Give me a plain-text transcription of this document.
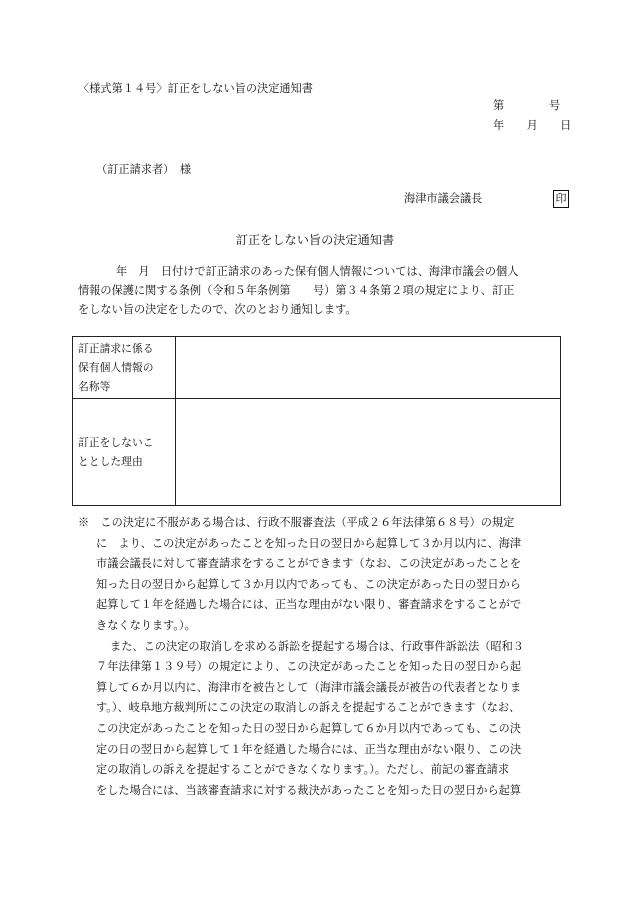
〈様式第１４号〉訂正をしない旨の決定通知書
第　　　　号
年　　月　　日
（訂正請求者）　様
海津市議会議長	印
訂正をしない旨の決定通知書
年　月　日付けで訂正請求のあった保有個人情報については、海津市議会の個人
情報の保護に関する条例（令和５年条例第　　号）第３４条第２項の規定により、訂正
をしない旨の決定をしたので、次のとおり通知します。
訂正請求に係る
保有個人情報の
名称等	

訂正をしないこ
ととした理由	

※　この決定に不服がある場合は、行政不服審査法（平成２６年法律第６８号）の規定
に　より、この決定があったことを知った日の翌日から起算して３か月以内に、海津
市議会議長に対して審査請求をすることができます（なお、この決定があったことを
知った日の翌日から起算して３か月以内であっても、この決定があった日の翌日から
起算して１年を経過した場合には、正当な理由がない限り、審査請求をすることがで
きなくなります。）。
また、この決定の取消しを求める訴訟を提起する場合は、行政事件訴訟法（昭和３
７年法律第１３９号）の規定により、この決定があったことを知った日の翌日から起
算して６か月以内に、海津市を被告として（海津市議会議長が被告の代表者となりま
す。）、岐阜地方裁判所にこの決定の取消しの訴えを提起することができます（なお、
この決定があったことを知った日の翌日から起算して６か月以内であっても、この決
定の日の翌日から起算して１年を経過した場合には、正当な理由がない限り、この決
定の取消しの訴えを提起することができなくなります。）。ただし、前記の審査請求
をした場合には、当該審査請求に対する裁決があったことを知った日の翌日から起算
